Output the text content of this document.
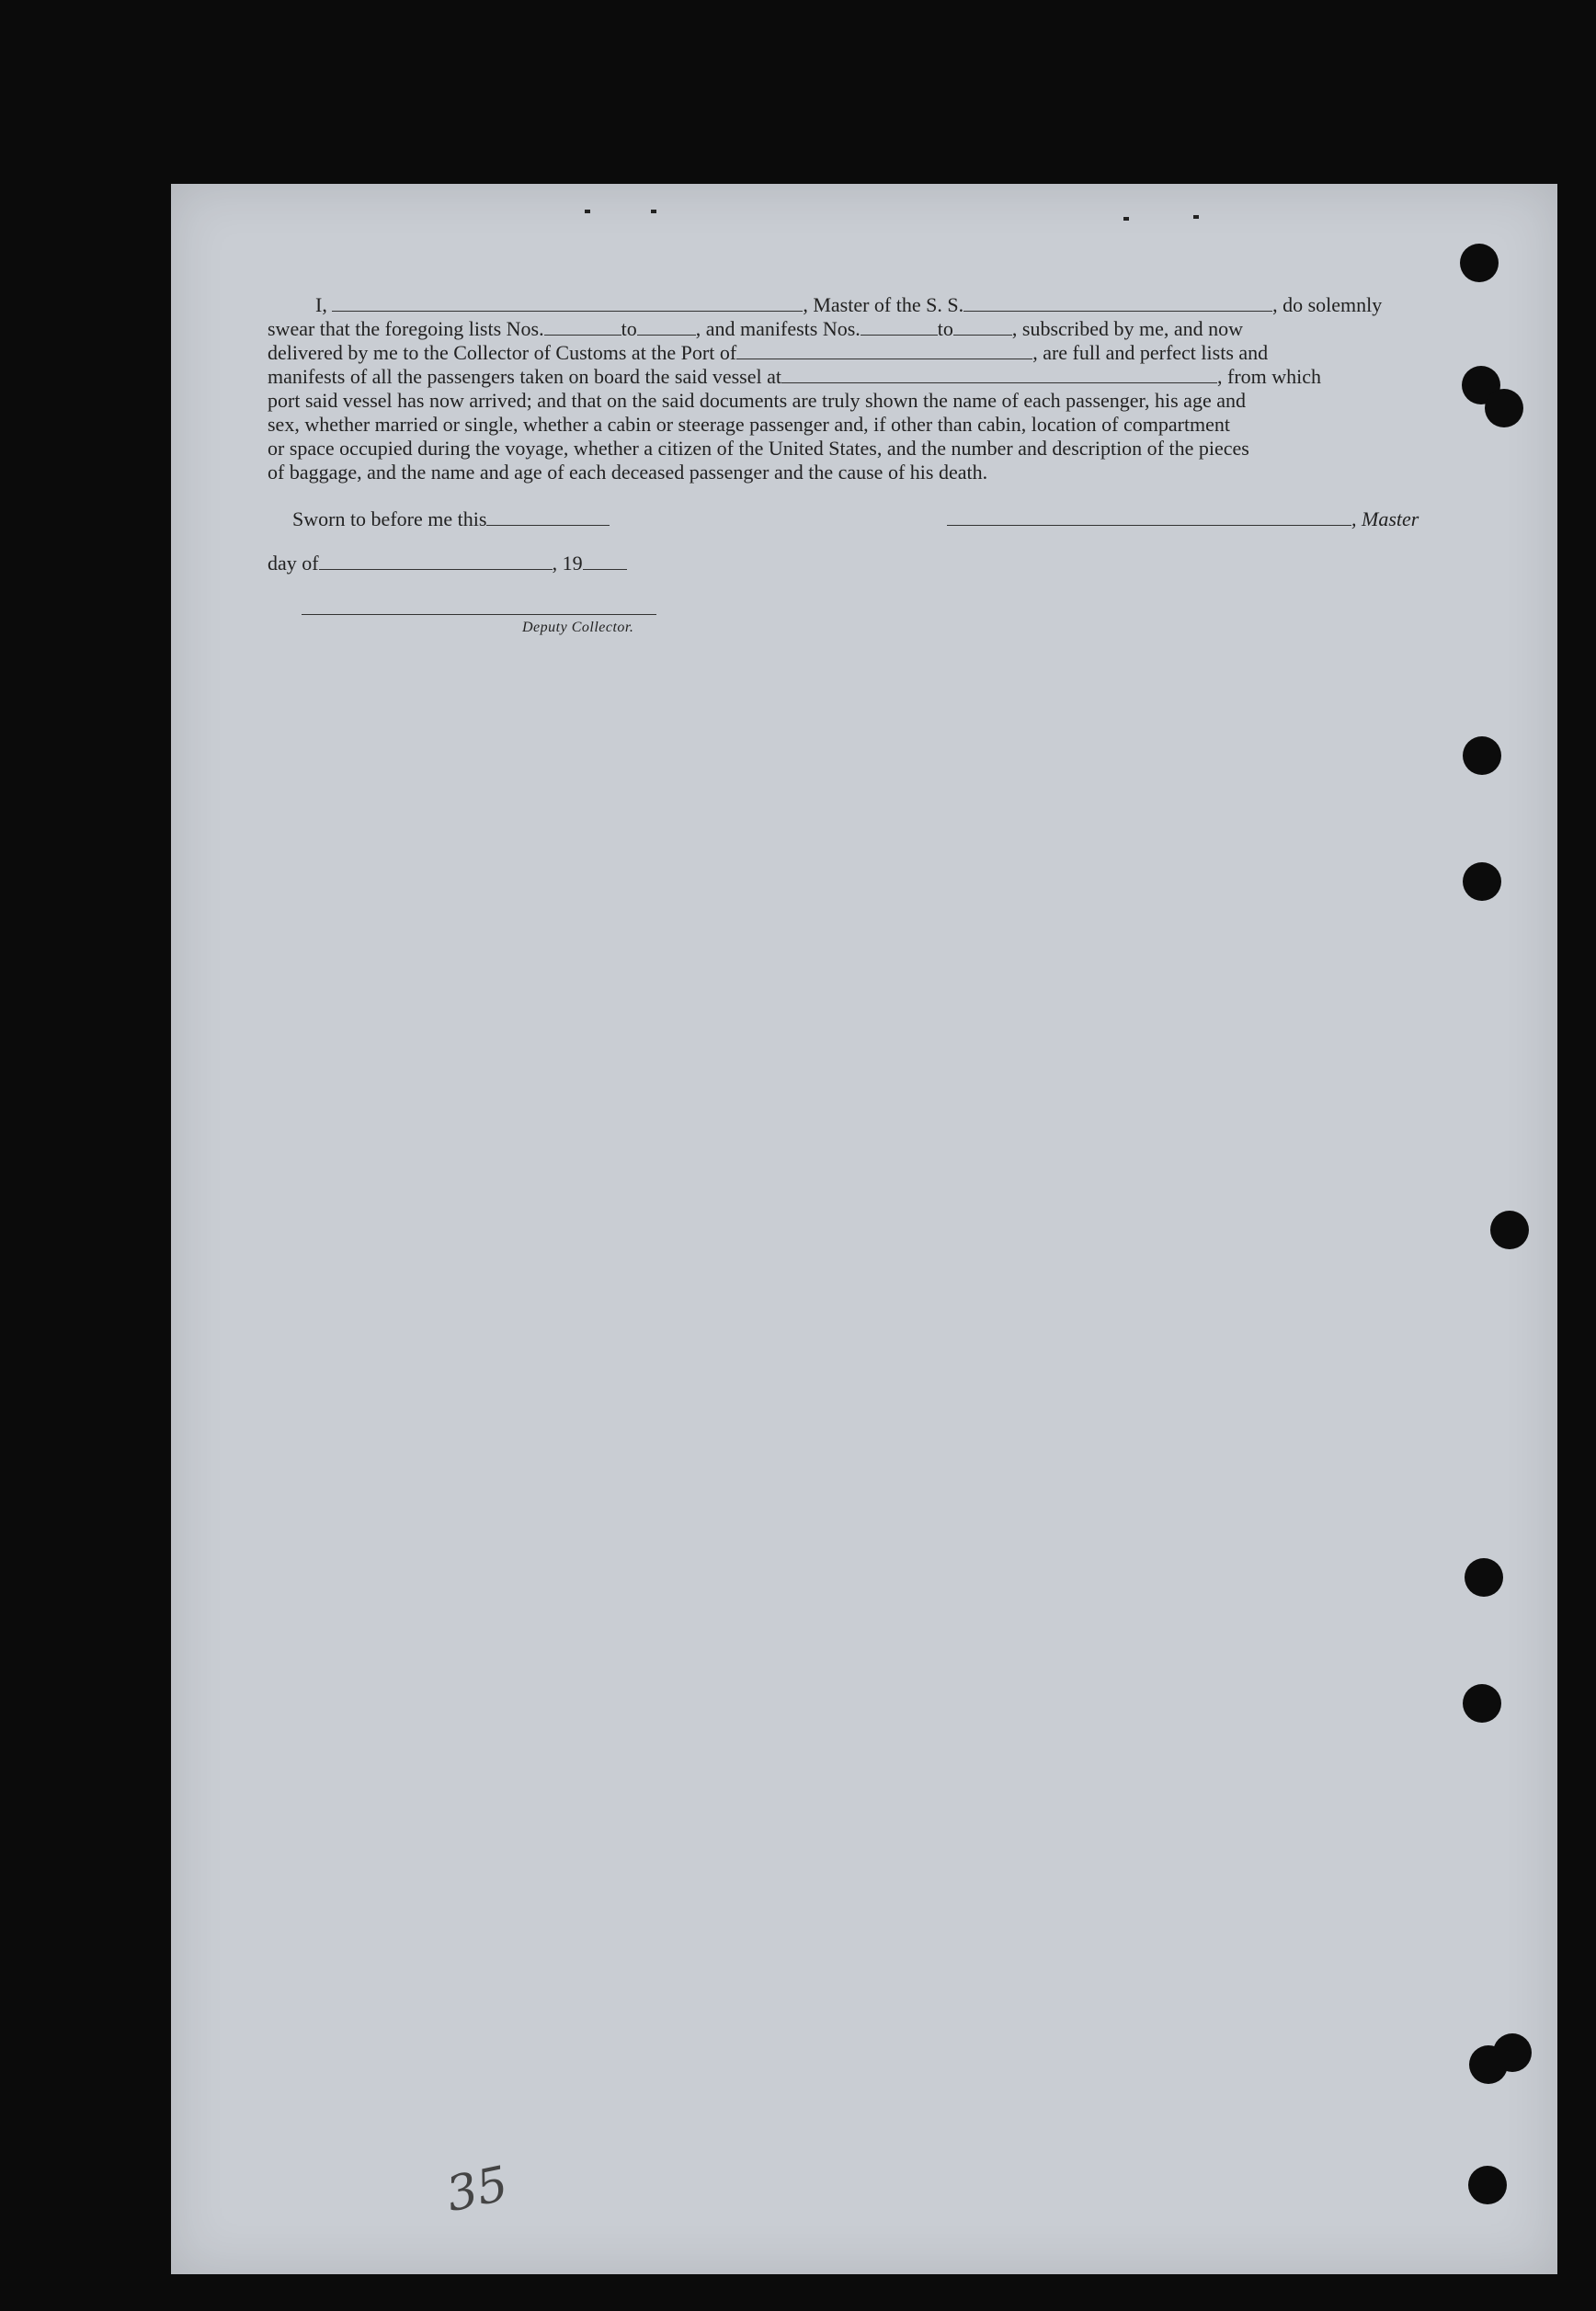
I,	, Master of the S. S.	, do solemnly
swear that the foregoing lists Nos.	to	, and manifests Nos.	to	, subscribed by me, and now
delivered by me to the Collector of Customs at the Port of	, are full and perfect lists and
manifests of all the passengers taken on board the said vessel at	, from which
port said vessel has now arrived; and that on the said documents are truly shown the name of each passenger, his age and
sex, whether married or single, whether a cabin or steerage passenger and, if other than cabin, location of compartment
or space occupied during the voyage, whether a citizen of the United States, and the number and description of the pieces
of baggage, and the name and age of each deceased passenger and the cause of his death.
Sworn to before me this	, Master
day of	, 19
Deputy Collector.
35
